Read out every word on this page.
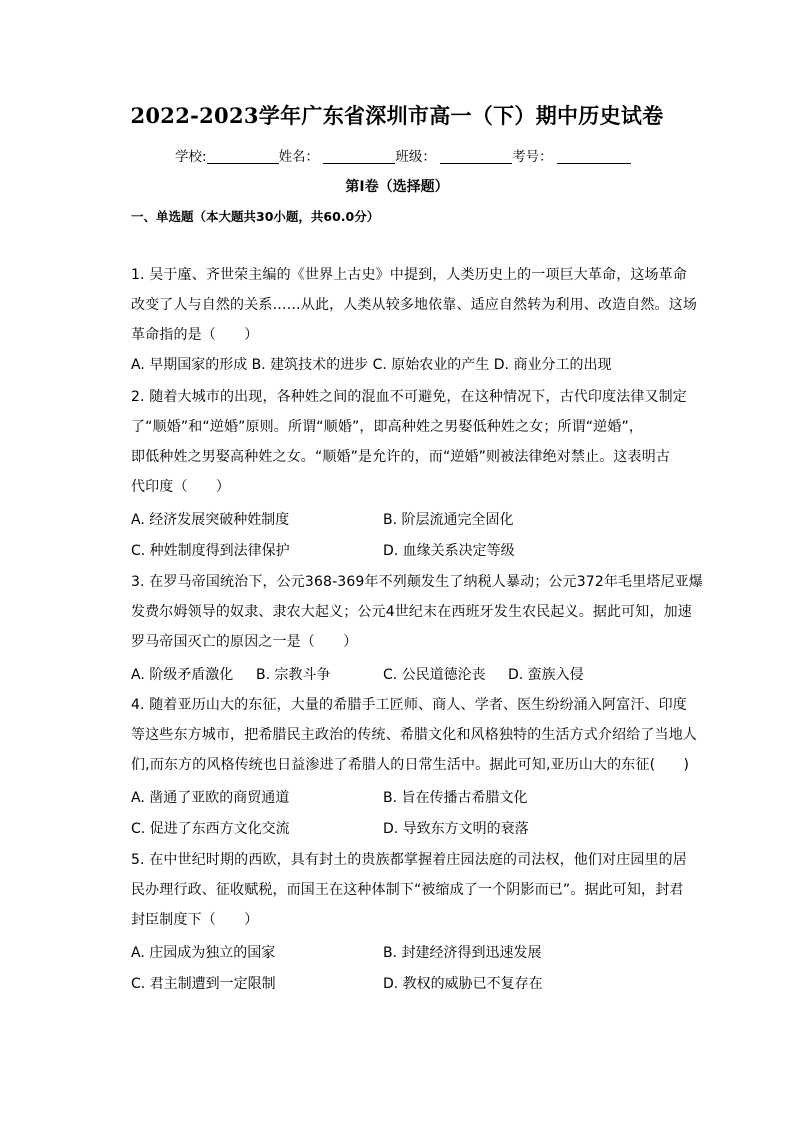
2022-2023学年广东省深圳市高一（下）期中历史试卷
学校:	姓名：	班级：	考号：
第I卷（选择题）
一、单选题（本大题共30小题，共60.0分）
1. 吴于廑、齐世荣主编的《世界上古史》中提到，人类历史上的一项巨大革命，这场革命
改变了人与自然的关系……从此，人类从较多地依靠、适应自然转为利用、改造自然。这场
革命指的是（　　）
A. 早期国家的形成 B. 建筑技术的进步 C. 原始农业的产生 D. 商业分工的出现
2. 随着大城市的出现，各种姓之间的混血不可避免，在这种情况下，古代印度法律又制定
了“顺婚”和“逆婚”原则。所谓“顺婚”，即高种姓之男娶低种姓之女；所谓“逆婚”，
即低种姓之男娶高种姓之女。“顺婚”是允许的，而“逆婚”则被法律绝对禁止。这表明古
代印度（　　）
A. 经济发展突破种姓制度	B. 阶层流通完全固化
C. 种姓制度得到法律保护	D. 血缘关系决定等级
3. 在罗马帝国统治下，公元368-369年不列颠发生了纳税人暴动；公元372年毛里塔尼亚爆
发费尔姆领导的奴隶、隶农大起义；公元4世纪末在西班牙发生农民起义。据此可知，加速
罗马帝国灭亡的原因之一是（　　）
A. 阶级矛盾激化 B. 宗教斗争	C. 公民道德沦丧 D. 蛮族入侵
4. 随着亚历山大的东征，大量的希腊手工匠师、商人、学者、医生纷纷涌入阿富汗、印度
等这些东方城市，把希腊民主政治的传统、希腊文化和风格独特的生活方式介绍给了当地人
们,而东方的风格传统也日益渗进了希腊人的日常生活中。据此可知,亚历山大的东征(　　)
A. 凿通了亚欧的商贸通道	B. 旨在传播古希腊文化
C. 促进了东西方文化交流	D. 导致东方文明的衰落
5. 在中世纪时期的西欧，具有封土的贵族都掌握着庄园法庭的司法权，他们对庄园里的居
民办理行政、征收赋税，而国王在这种体制下“被缩成了一个阴影而已”。据此可知，封君
封臣制度下（　　）
A. 庄园成为独立的国家	B. 封建经济得到迅速发展
C. 君主制遭到一定限制	D. 教权的威胁已不复存在
